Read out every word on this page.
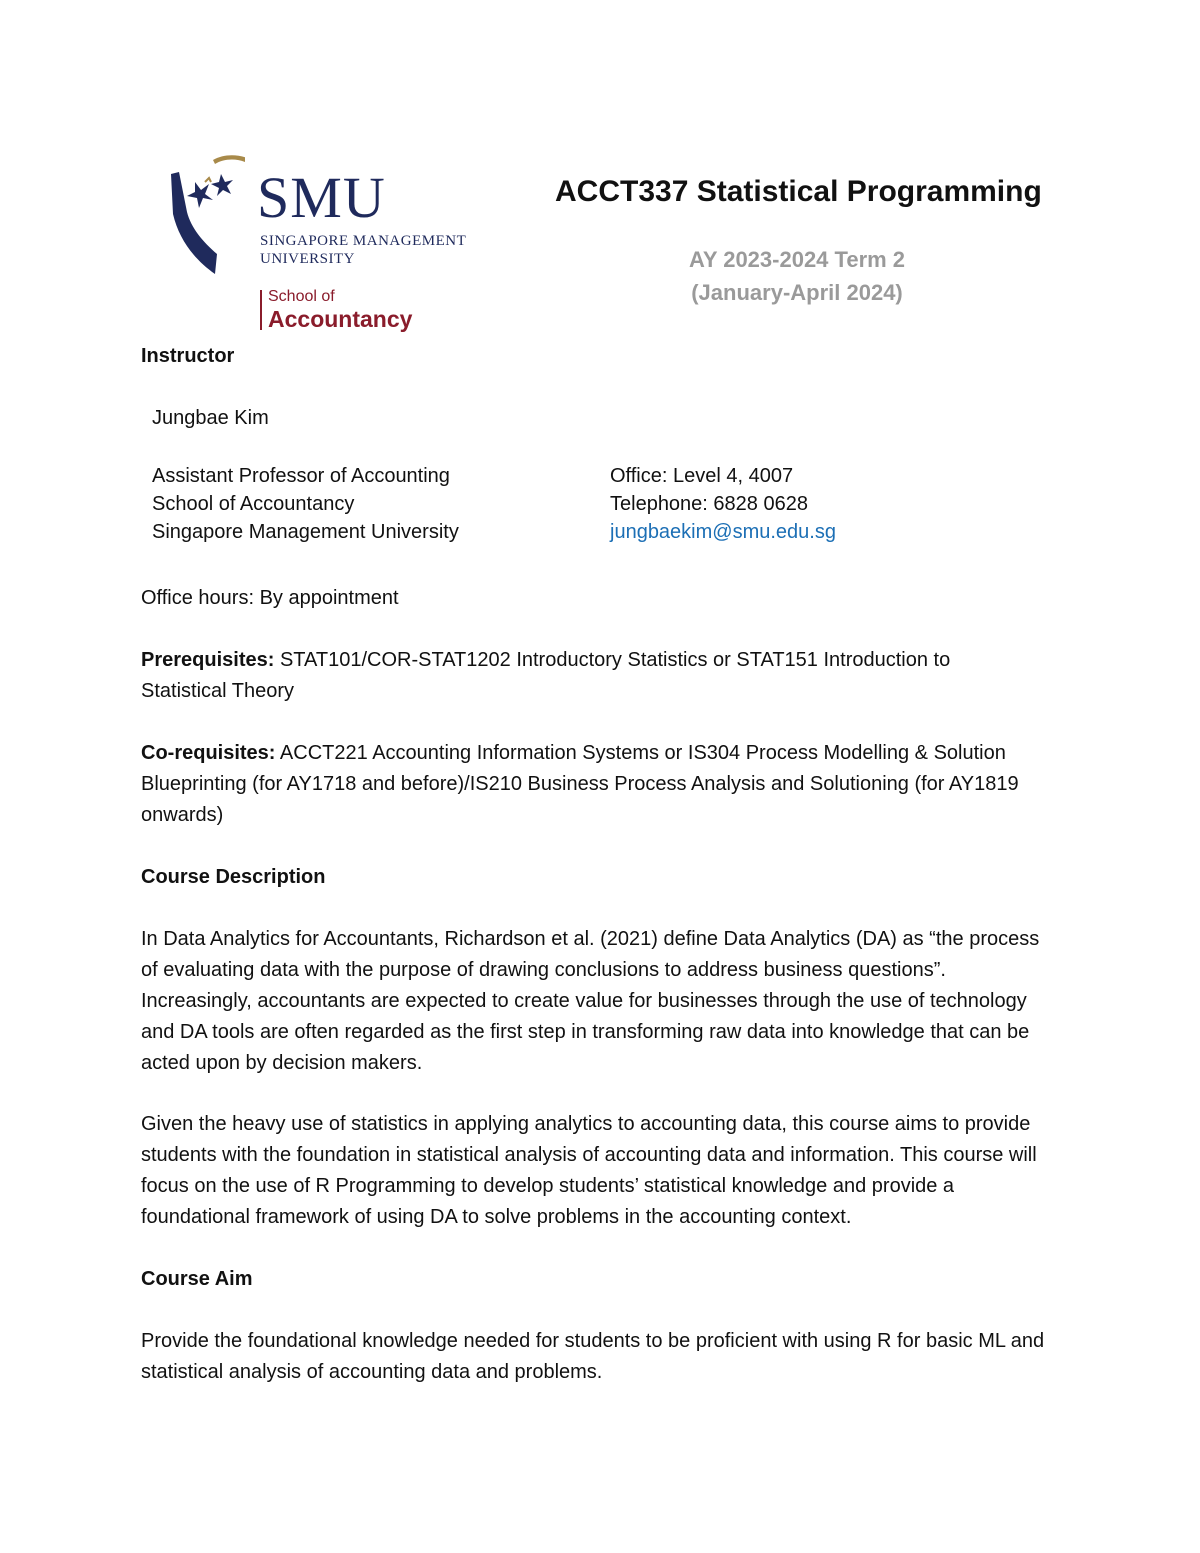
SMU
SINGAPORE MANAGEMENT
UNIVERSITY
School of
Accountancy
ACCT337 Statistical Programming
AY 2023-2024 Term 2
(January-April 2024)
Instructor
Jungbae Kim
Assistant Professor of Accounting
School of Accountancy
Singapore Management University
Office: Level 4, 4007
Telephone: 6828 0628
jungbaekim@smu.edu.sg
Office hours: By appointment
Prerequisites: STAT101/COR-STAT1202 Introductory Statistics or STAT151 Introduction to Statistical Theory
Co-requisites: ACCT221 Accounting Information Systems or IS304 Process Modelling & Solution Blueprinting (for AY1718 and before)/IS210 Business Process Analysis and Solutioning (for AY1819 onwards)
Course Description
In Data Analytics for Accountants, Richardson et al. (2021) define Data Analytics (DA) as “the process of evaluating data with the purpose of drawing conclusions to address business questions”. Increasingly, accountants are expected to create value for businesses through the use of technology and DA tools are often regarded as the first step in transforming raw data into knowledge that can be acted upon by decision makers.
Given the heavy use of statistics in applying analytics to accounting data, this course aims to provide students with the foundation in statistical analysis of accounting data and information. This course will focus on the use of R Programming to develop students’ statistical knowledge and provide a foundational framework of using DA to solve problems in the accounting context.
Course Aim
Provide the foundational knowledge needed for students to be proficient with using R for basic ML and statistical analysis of accounting data and problems.
